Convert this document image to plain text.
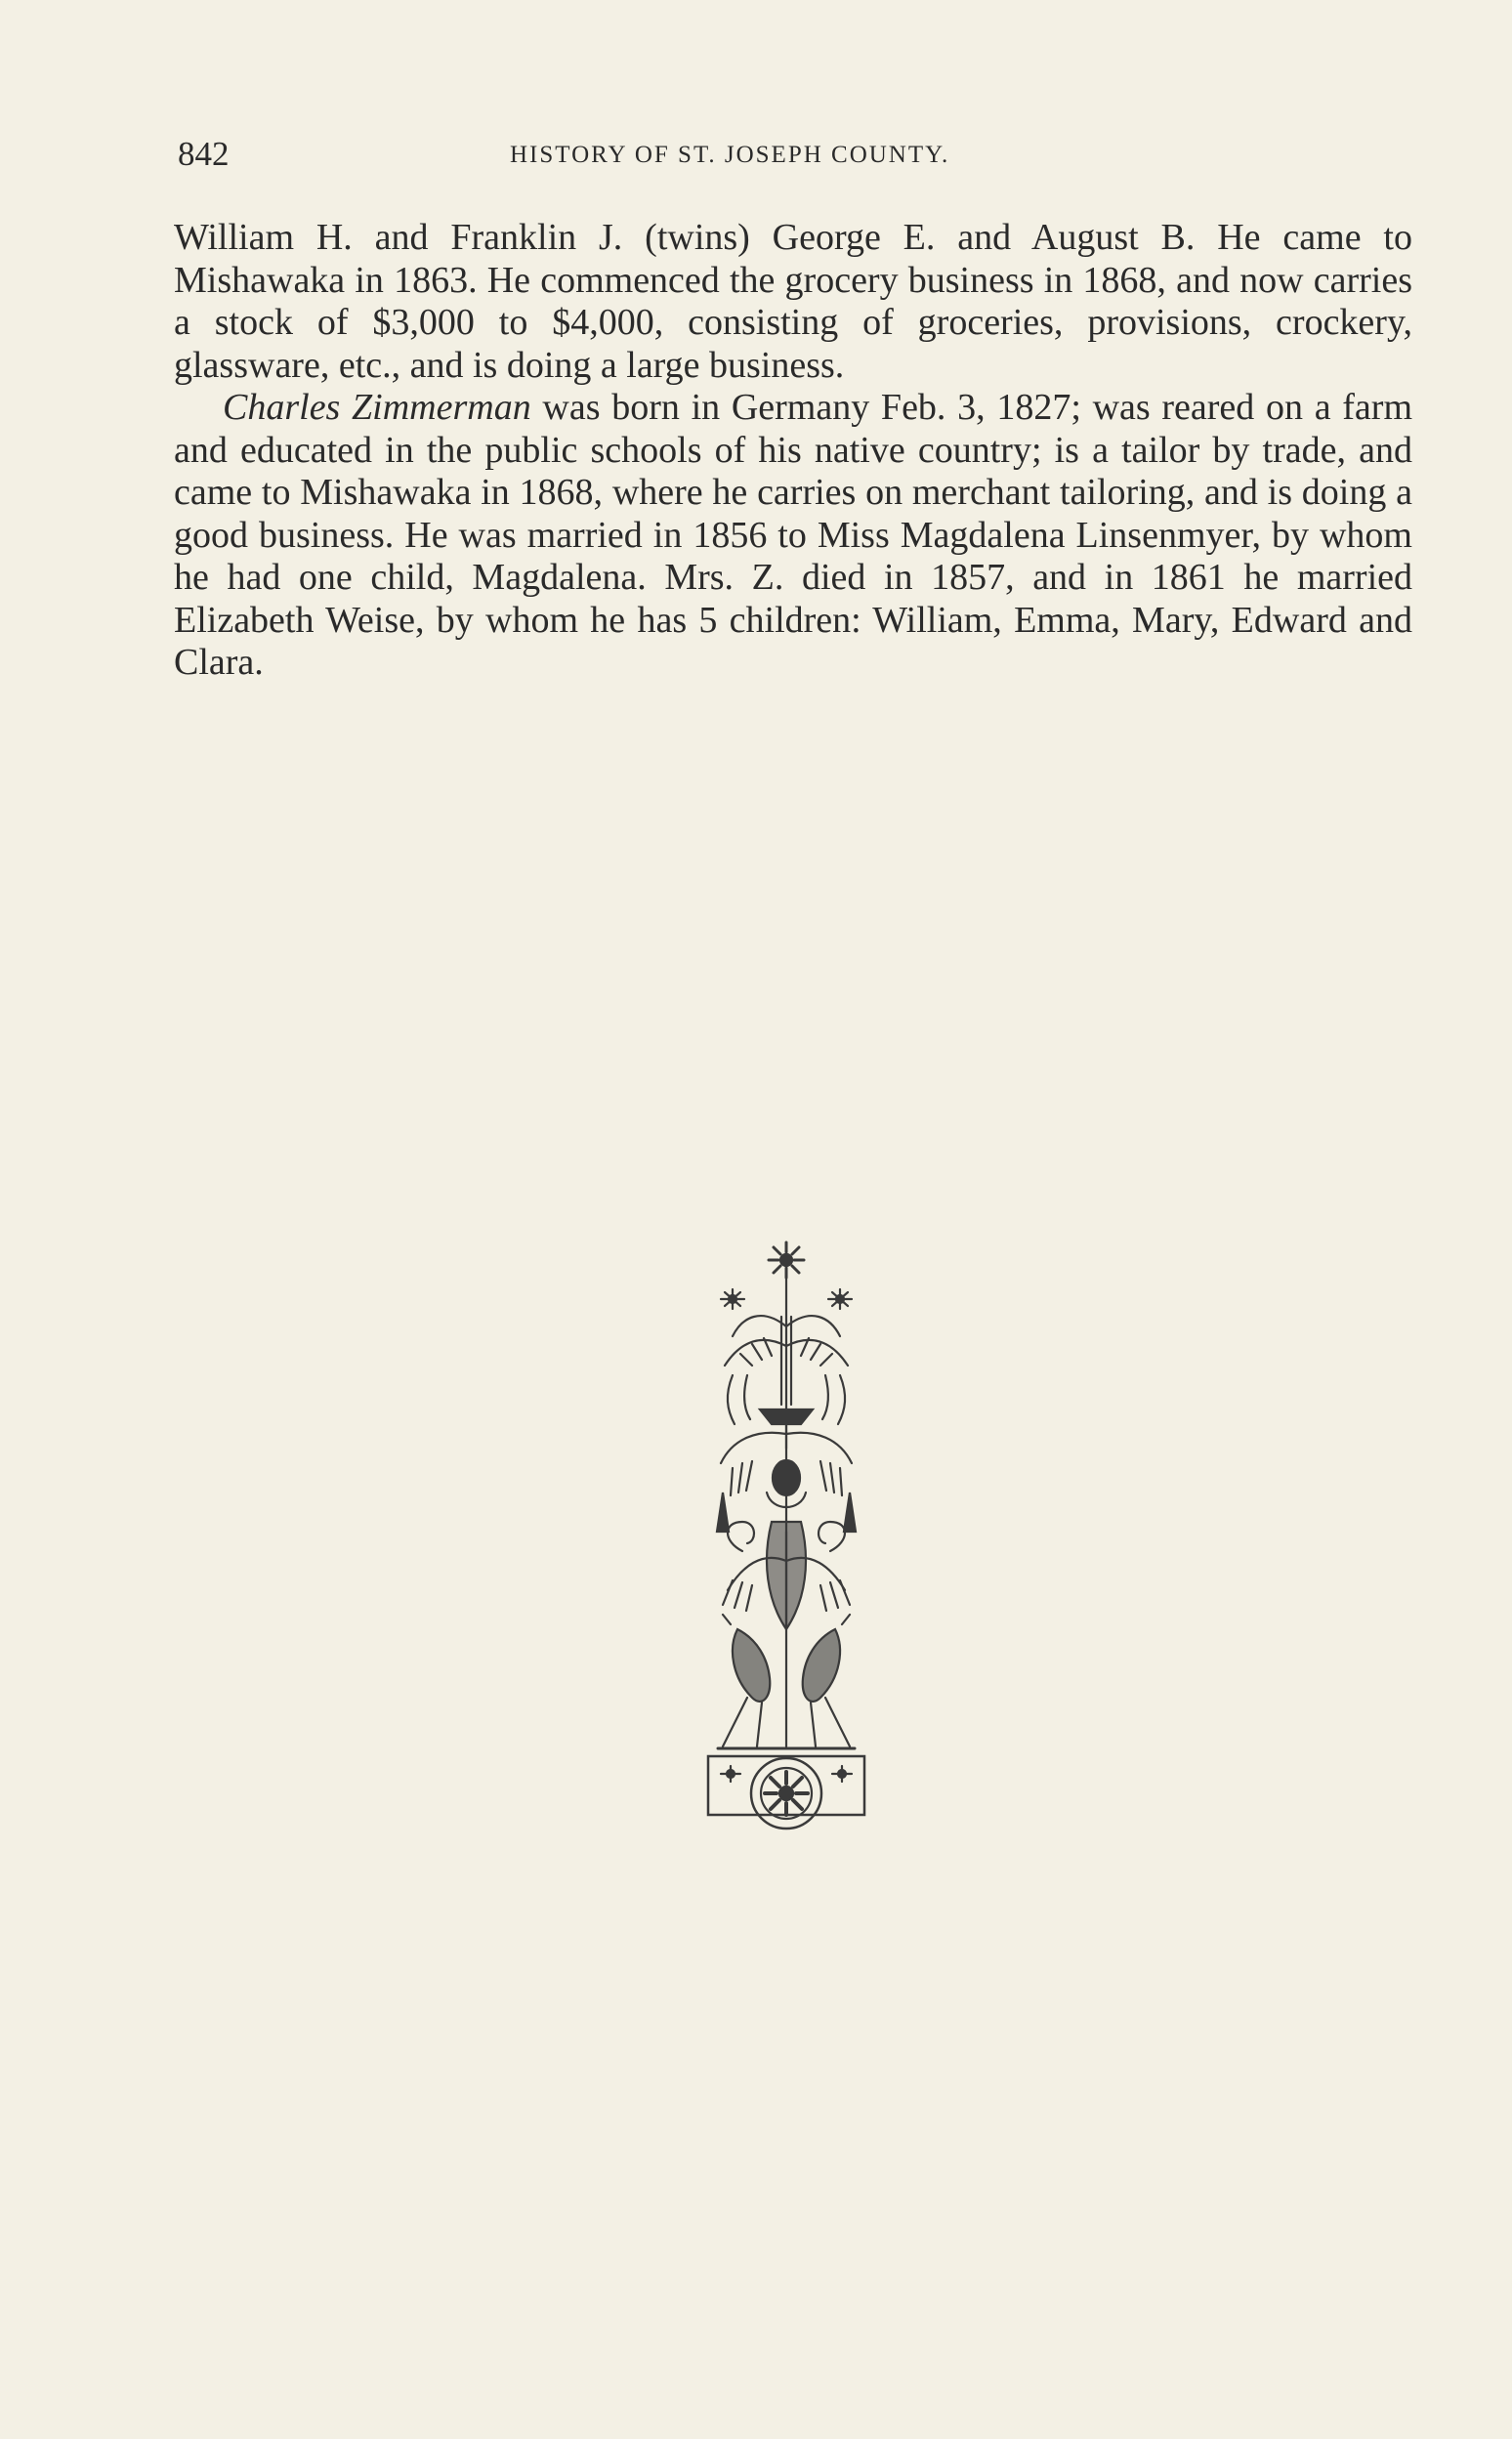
842	HISTORY OF ST. JOSEPH COUNTY.

William H. and Franklin J. (twins) George E. and August B. He came to Mishawaka in 1863. He commenced the grocery business in 1868, and now carries a stock of $3,000 to $4,000, consisting of groceries, provisions, crockery, glassware, etc., and is doing a large business.

Charles Zimmerman was born in Germany Feb. 3, 1827; was reared on a farm and educated in the public schools of his native country; is a tailor by trade, and came to Mishawaka in 1868, where he carries on merchant tailoring, and is doing a good business. He was married in 1856 to Miss Magdalena Linsenmyer, by whom he had one child, Magdalena. Mrs. Z. died in 1857, and in 1861 he married Elizabeth Weise, by whom he has 5 children: William, Emma, Mary, Edward and Clara.
